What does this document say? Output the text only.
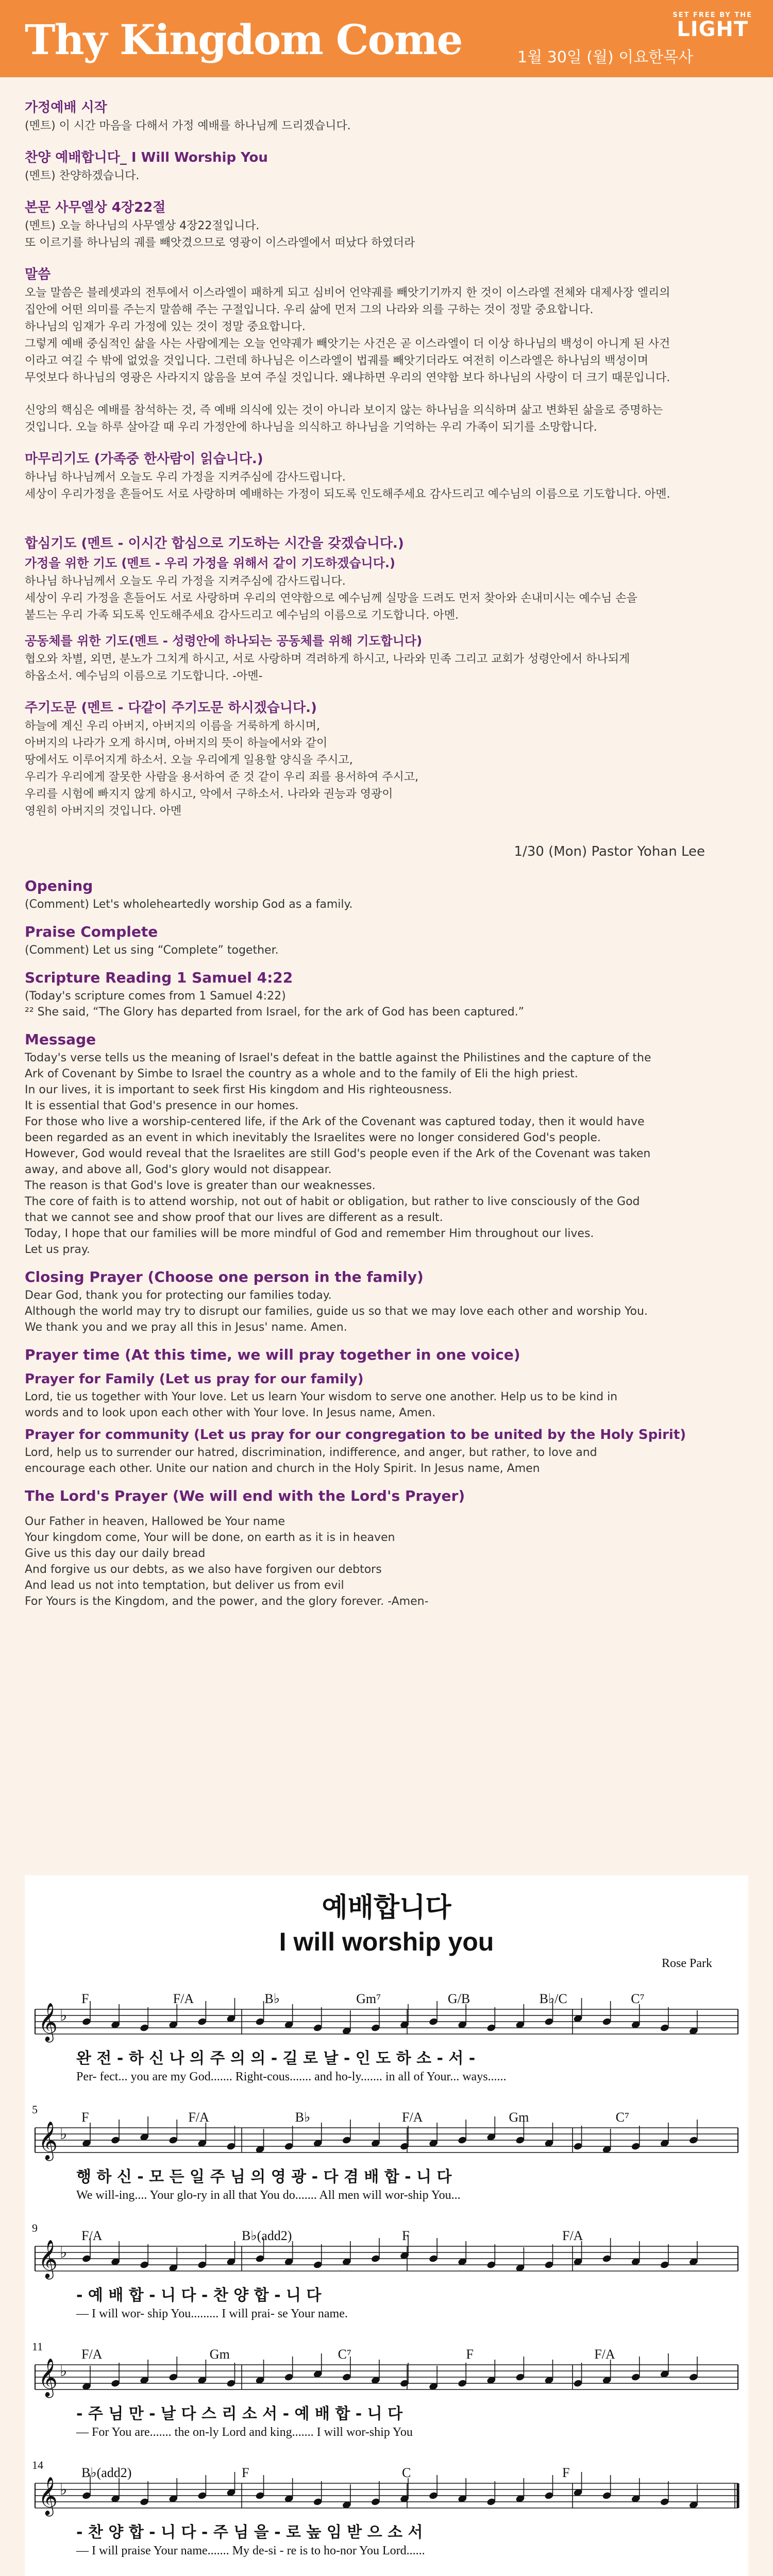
Thy Kingdom Come	1월 30일 (월) 이요한목사
SET FREE BY THE
LIGHT

가정예배 시작

(멘트) 이 시간 마음을 다해서 가정 예배를 하나님께 드리겠습니다.

찬양 예배합니다_ I Will Worship You

(멘트) 찬양하겠습니다.

본문 사무엘상 4장22절

(멘트) 오늘 하나님의 사무엘상 4장22절입니다.
또 이르기를 하나님의 궤를 빼앗겼으므로 영광이 이스라엘에서 떠났다 하였더라

말씀

오늘 말씀은 블레셋과의 전투에서 이스라엘이 패하게 되고 심비어 언약궤를 빼앗기기까지 한 것이 이스라엘 전체와 대제사장 엘리의
집안에 어떤 의미를 주는지 말씀해 주는 구절입니다. 우리 삶에 먼저 그의 나라와 의를 구하는 것이 정말 중요합니다.
하나님의 임재가 우리 가정에 있는 것이 정말 중요합니다.
그렇게 예배 중심적인 삶을 사는 사람에게는 오늘 언약궤가 빼앗기는 사건은 곧 이스라엘이 더 이상 하나님의 백성이 아니게 된 사건
이라고 여길 수 밖에 없었을 것입니다. 그런데 하나님은 이스라엘이 법궤를 빼앗기더라도 여전히 이스라엘은 하나님의 백성이며
무엇보다 하나님의 영광은 사라지지 않음을 보여 주실 것입니다. 왜냐하면 우리의 연약함 보다 하나님의 사랑이 더 크기 때문입니다.

신앙의 핵심은 예배를 참석하는 것, 즉 예배 의식에 있는 것이 아니라 보이지 않는 하나님을 의식하며 삶고 변화된 삶을로 증명하는
것입니다. 오늘 하루 살아갈 때 우리 가정안에 하나님을 의식하고 하나님을 기억하는 우리 가족이 되기를 소망합니다.

마무리기도 (가족중 한사람이 읽습니다.)

하나님 하나님께서 오늘도 우리 가정을 지켜주심에 감사드립니다.
세상이 우리가정을 흔들어도 서로 사랑하며 예배하는 가정이 되도록 인도해주세요 감사드리고 예수님의 이름으로 기도합니다. 아멘.

합심기도 (멘트 - 이시간 합심으로 기도하는 시간을 갖겠습니다.)

가정을 위한 기도 (멘트 - 우리 가정을 위해서 같이 기도하겠습니다.)

하나님 하나님께서 오늘도 우리 가정을 지켜주심에 감사드립니다.
세상이 우리 가정을 흔들어도 서로 사랑하며 우리의 연약함으로 예수님께 실망을 드려도 먼저 찾아와 손내미시는 예수님 손을
붙드는 우리 가족 되도록 인도해주세요 감사드리고 예수님의 이름으로 기도합니다. 아멘.

공동체를 위한 기도(멘트 - 성령안에 하나되는 공동체를 위해 기도합니다)

협오와 차별, 외면, 분노가 그치게 하시고, 서로 사랑하며 격려하게 하시고, 나라와 민족 그리고 교회가 성령안에서 하나되게
하옵소서. 예수님의 이름으로 기도합니다. -아멘-

주기도문 (멘트 - 다같이 주기도문 하시겠습니다.)

하늘에 계신 우리 아버지, 아버지의 이름을 거룩하게 하시며,
아버지의 나라가 오게 하시며, 아버지의 뜻이 하늘에서와 같이
땅에서도 이루어지게 하소서. 오늘 우리에게 일용할 양식을 주시고,
우리가 우리에게 잘못한 사람을 용서하여 준 것 같이 우리 죄를 용서하여 주시고,
우리를 시험에 빠지지 않게 하시고, 악에서 구하소서. 나라와 권능과 영광이
영원히 아버지의 것입니다. 아멘

1/30 (Mon) Pastor Yohan Lee

Opening

(Comment) Let's wholeheartedly worship God as a family.

Praise Complete

(Comment) Let us sing “Complete” together.

Scripture Reading 1 Samuel 4:22

(Today's scripture comes from 1 Samuel 4:22)
²² She said, “The Glory has departed from Israel, for the ark of God has been captured.”

Message

Today's verse tells us the meaning of Israel's defeat in the battle against the Philistines and the capture of the
Ark of Covenant by Simbe to Israel the country as a whole and to the family of Eli the high priest.
In our lives, it is important to seek first His kingdom and His righteousness.
It is essential that God's presence in our homes.
For those who live a worship-centered life, if the Ark of the Covenant was captured today, then it would have
been regarded as an event in which inevitably the Israelites were no longer considered God's people.
However, God would reveal that the Israelites are still God's people even if the Ark of the Covenant was taken
away, and above all, God's glory would not disappear.
The reason is that God's love is greater than our weaknesses.
The core of faith is to attend worship, not out of habit or obligation, but rather to live consciously of the God
that we cannot see and show proof that our lives are different as a result.
Today, I hope that our families will be more mindful of God and remember Him throughout our lives.
Let us pray.

Closing Prayer (Choose one person in the family)

Dear God, thank you for protecting our families today.
Although the world may try to disrupt our families, guide us so that we may love each other and worship You.
We thank you and we pray all this in Jesus' name. Amen.

Prayer time (At this time, we will pray together in one voice)

Prayer for Family (Let us pray for our family)

Lord, tie us together with Your love. Let us learn Your wisdom to serve one another. Help us to be kind in
words and to look upon each other with Your love. In Jesus name, Amen.

Prayer for community (Let us pray for our congregation to be united by the Holy Spirit)

Lord, help us to surrender our hatred, discrimination, indifference, and anger, but rather, to love and
encourage each other. Unite our nation and church in the Holy Spirit. In Jesus name, Amen

The Lord's Prayer (We will end with the Lord's Prayer)

Our Father in heaven, Hallowed be Your name
Your kingdom come, Your will be done, on earth as it is in heaven
Give us this day our daily bread
And forgive us our debts, as we also have forgiven our debtors
And lead us not into temptation, but deliver us from evil
For Yours is the Kingdom, and the power, and the glory forever. -Amen-

예배합니다
I will worship you
Rose Park
𝄞 ♭
F	F/A	B♭	Gm⁷	G/B	B♭/C	C⁷
완 전 - 하 신 나 의 주 의 의 - 길 로 날 - 인 도 하 소 - 서 -
Per- fect... you are my God....... Right-cous....... and ho-ly....... in all of Your... ways......
𝄞 ♭
5
F	F/A	B♭	F/A	Gm	C⁷
행 하 신 - 모 든 일 주 님 의 영 광 - 다 겸 배 합 - 니 다
We will-ing.... Your glo-ry in all that You do....... All men will wor-ship You...
𝄞 ♭
9
F/A	B♭(add2)	F	F/A
- 예 배 합 - 니 다 - 찬 양 합 - 니 다
— I will wor- ship You......... I will prai- se Your name.
𝄞 ♭
11
F/A	Gm	C⁷	F	F/A
- 주 님 만 - 날 다 스 리 소 서 - 예 배 합 - 니 다
— For You are....... the on-ly Lord and king....... I will wor-ship You
𝄞 ♭
14
B♭(add2)	F	C	F
- 찬 양 합 - 니 다 - 주 님 을 - 로 높 임 받 으 소 서
— I will praise Your name....... My de-si - re is to ho-nor You Lord......
